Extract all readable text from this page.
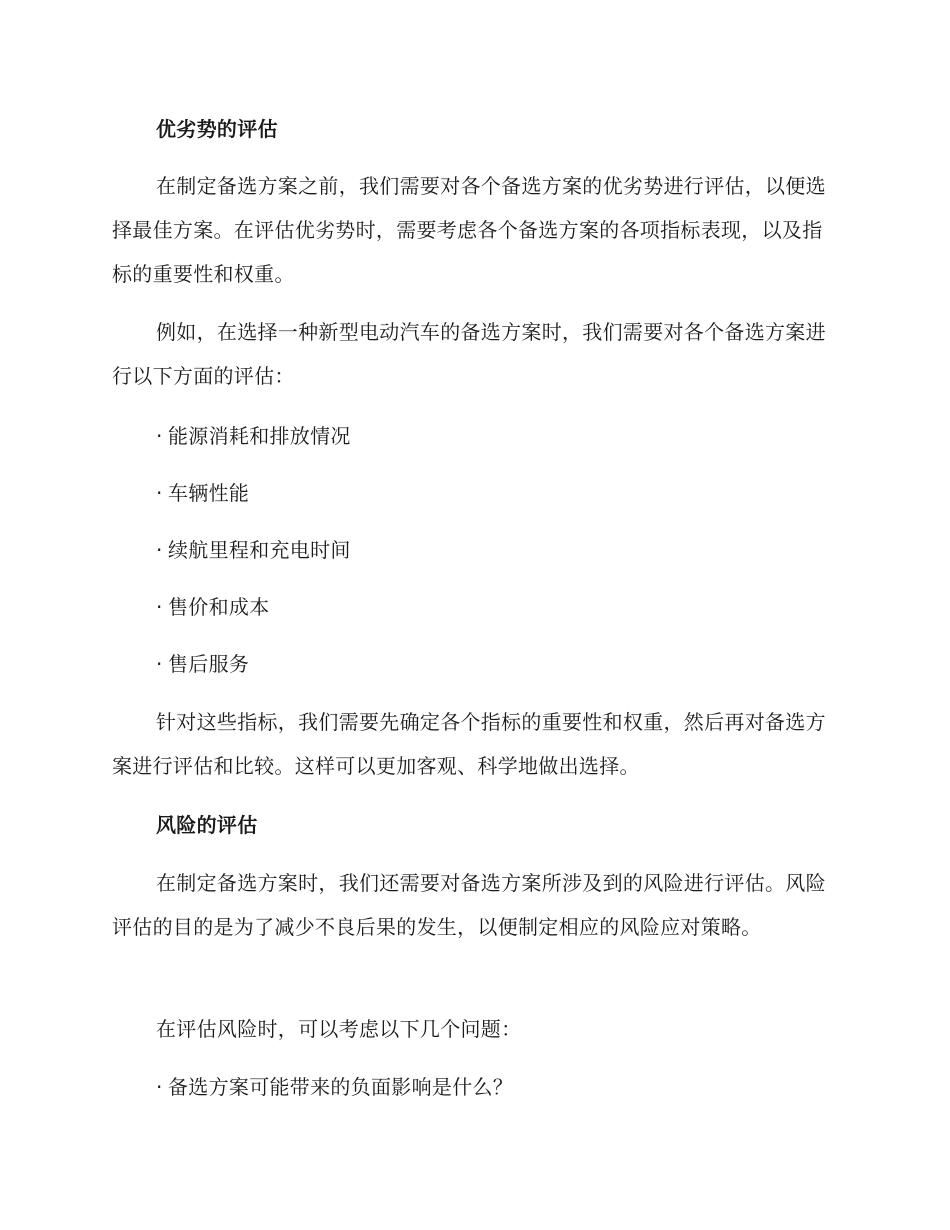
优劣势的评估

在制定备选方案之前，我们需要对各个备选方案的优劣势进行评估，以便选择最佳方案。在评估优劣势时，需要考虑各个备选方案的各项指标表现，以及指标的重要性和权重。

例如，在选择一种新型电动汽车的备选方案时，我们需要对各个备选方案进行以下方面的评估：

· 能源消耗和排放情况

· 车辆性能

· 续航里程和充电时间

· 售价和成本

· 售后服务

针对这些指标，我们需要先确定各个指标的重要性和权重，然后再对备选方案进行评估和比较。这样可以更加客观、科学地做出选择。

风险的评估

在制定备选方案时，我们还需要对备选方案所涉及到的风险进行评估。风险评估的目的是为了减少不良后果的发生，以便制定相应的风险应对策略。

在评估风险时，可以考虑以下几个问题：

· 备选方案可能带来的负面影响是什么？
